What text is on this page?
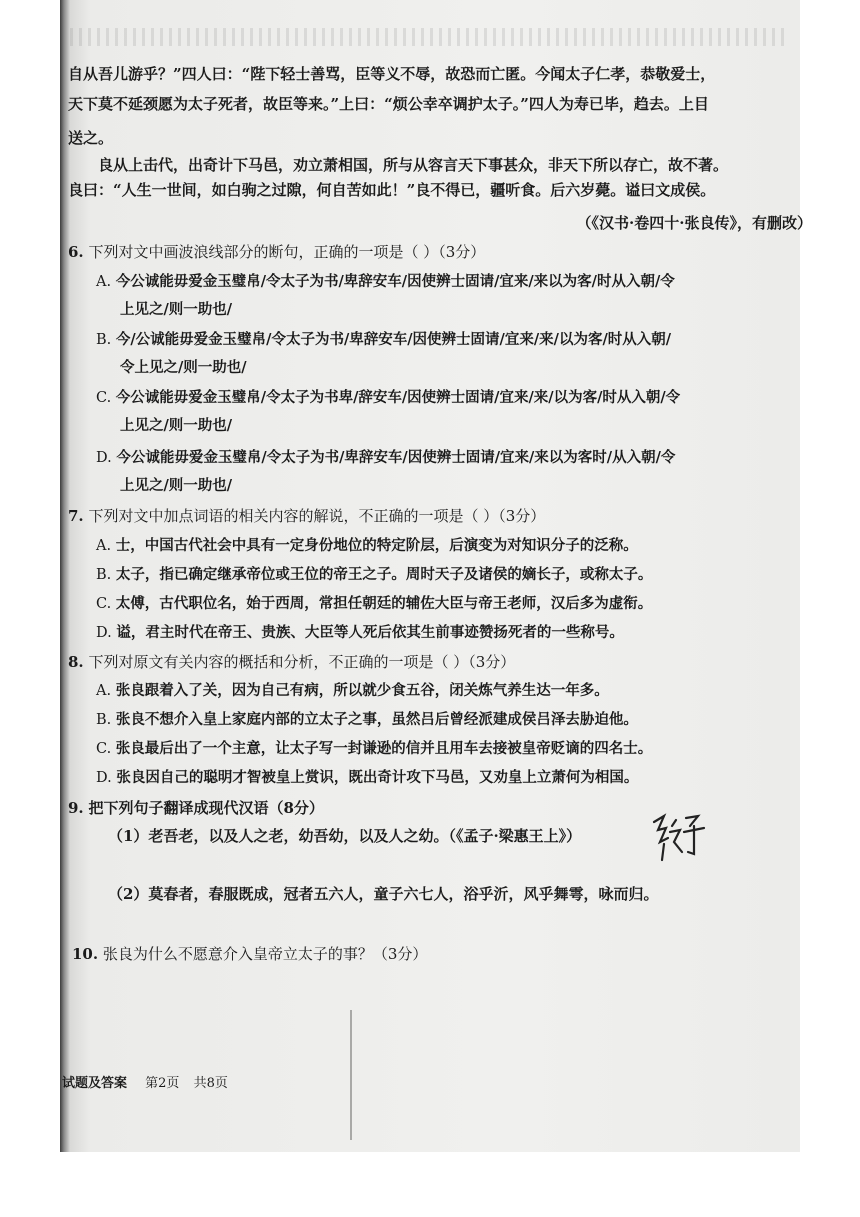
自从吾儿游乎？”四人曰：“陛下轻士善骂，臣等义不辱，故恐而亡匿。今闻太子仁孝，恭敬爱士，
天下莫不延颈愿为太子死者，故臣等来。”上曰：“烦公幸卒调护太子。”四人为寿已毕，趋去。上目
送之。
良从上击代，出奇计下马邑，劝立萧相国，所与从容言天下事甚众，非天下所以存亡，故不著。
良曰：“人生一世间，如白驹之过隙，何自苦如此！”良不得已，疆听食。后六岁薨。谥曰文成侯。
（《汉书·卷四十·张良传》，有删改）
6. 下列对文中画波浪线部分的断句，正确的一项是（ ）（3分）
A. 今公诚能毋爱金玉璧帛/令太子为书/卑辞安车/因使辨士固请/宜来/来以为客/时从入朝/令
上见之/则一助也/
B. 今/公诚能毋爱金玉璧帛/令太子为书/卑辞安车/因使辨士固请/宜来/来/以为客/时从入朝/
令上见之/则一助也/
C. 今公诚能毋爱金玉璧帛/令太子为书卑/辞安车/因使辨士固请/宜来/来/以为客/时从入朝/令
上见之/则一助也/
D. 今公诚能毋爱金玉璧帛/令太子为书/卑辞安车/因使辨士固请/宜来/来以为客时/从入朝/令
上见之/则一助也/
7. 下列对文中加点词语的相关内容的解说，不正确的一项是（ ）（3分）
A. 士，中国古代社会中具有一定身份地位的特定阶层，后演变为对知识分子的泛称。
B. 太子，指已确定继承帝位或王位的帝王之子。周时天子及诸侯的嫡长子，或称太子。
C. 太傅，古代职位名，始于西周，常担任朝廷的辅佐大臣与帝王老师，汉后多为虚衔。
D. 谥，君主时代在帝王、贵族、大臣等人死后依其生前事迹赞扬死者的一些称号。
8. 下列对原文有关内容的概括和分析，不正确的一项是（ ）（3分）
A. 张良跟着入了关，因为自己有病，所以就少食五谷，闭关炼气养生达一年多。
B. 张良不想介入皇上家庭内部的立太子之事，虽然吕后曾经派建成侯吕泽去胁迫他。
C. 张良最后出了一个主意，让太子写一封谦逊的信并且用车去接被皇帝贬谪的四名士。
D. 张良因自己的聪明才智被皇上赏识，既出奇计攻下马邑，又劝皇上立萧何为相国。
9. 把下列句子翻译成现代汉语（8分）
（1）老吾老，以及人之老，幼吾幼，以及人之幼。（《孟子·梁惠王上》）
（2）莫春者，春服既成，冠者五六人，童子六七人，浴乎沂，风乎舞雩，咏而归。
10. 张良为什么不愿意介入皇帝立太子的事？（3分）
试题及答案 第2页 共8页
